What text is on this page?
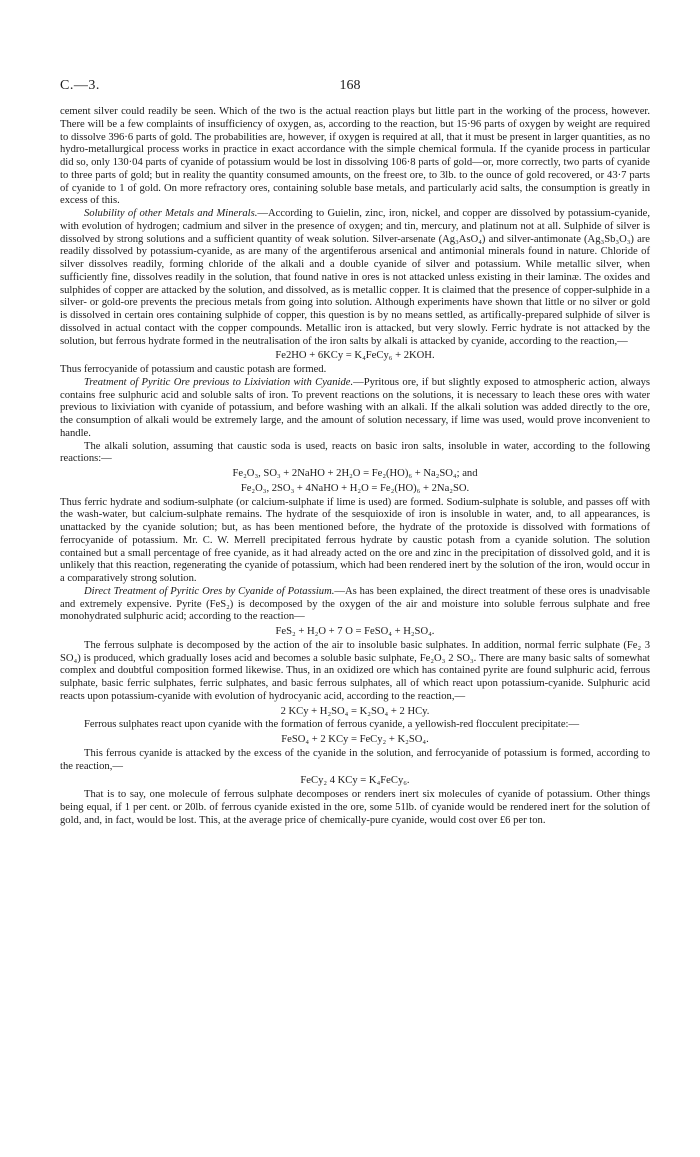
C.—3.	168

cement silver could readily be seen. Which of the two is the actual reaction plays but little part in the working of the process, however. There will be a few complaints of insufficiency of oxygen, as, according to the reaction, but 15·96 parts of oxygen by weight are required to dissolve 396·6 parts of gold. The probabilities are, however, if oxygen is required at all, that it must be present in larger quantities, as no hydro-metallurgical process works in practice in exact accordance with the simple chemical formula. If the cyanide process in particular did so, only 130·04 parts of cyanide of potassium would be lost in dissolving 106·8 parts of gold—or, more correctly, two parts of cyanide to three parts of gold; but in reality the quantity consumed amounts, on the freest ore, to 3lb. to the ounce of gold recovered, or 43·7 parts of cyanide to 1 of gold. On more refractory ores, containing soluble base metals, and particularly acid salts, the consumption is greatly in excess of this.

Solubility of other Metals and Minerals.—According to Guielin, zinc, iron, nickel, and copper are dissolved by potassium-cyanide, with evolution of hydrogen; cadmium and silver in the presence of oxygen; and tin, mercury, and platinum not at all. Sulphide of silver is dissolved by strong solutions and a sufficient quantity of weak solution. Silver-arsenate (Ag₃AsO₄) and silver-antimonate (Ag₃Sb₃O₃) are readily dissolved by potassium-cyanide, as are many of the argentiferous arsenical and antimonial minerals found in nature. Chloride of silver dissolves readily, forming chloride of the alkali and a double cyanide of silver and potassium. While metallic silver, when sufficiently fine, dissolves readily in the solution, that found native in ores is not attacked unless existing in their laminæ. The oxides and sulphides of copper are attacked by the solution, and dissolved, as is metallic copper. It is claimed that the presence of copper-sulphide in a silver- or gold-ore prevents the precious metals from going into solution. Although experiments have shown that little or no silver or gold is dissolved in certain ores containing sulphide of copper, this question is by no means settled, as artifically-prepared sulphide of silver is dissolved in actual contact with the copper compounds. Metallic iron is attacked, but very slowly. Ferric hydrate is not attacked by the solution, but ferrous hydrate formed in the neutralisation of the iron salts by alkali is attacked by cyanide, according to the reaction,—

Fe2HO + 6KCy = K₄FeCy₆ + 2KOH.

Thus ferrocyanide of potassium and caustic potash are formed.

Treatment of Pyritic Ore previous to Lixiviation with Cyanide.—Pyritous ore, if but slightly exposed to atmospheric action, always contains free sulphuric acid and soluble salts of iron. To prevent reactions on the solutions, it is necessary to leach these ores with water previous to lixiviation with cyanide of potassium, and before washing with an alkali. If the alkali solution was added directly to the ore, the consumption of alkali would be extremely large, and the amount of solution necessary, if lime was used, would prove inconvenient to handle.

The alkali solution, assuming that caustic soda is used, reacts on basic iron salts, insoluble in water, according to the following reactions:—

Fe₂O₃, SO₃ + 2NaHO + 2H₂O = Fe₂(HO)₆ + Na₂SO₄; and

Fe₂O₃, 2SO₃ + 4NaHO + H₂O = Fe₂(HO)₆ + 2Na₂SO.

Thus ferric hydrate and sodium-sulphate (or calcium-sulphate if lime is used) are formed. Sodium-sulphate is soluble, and passes off with the wash-water, but calcium-sulphate remains. The hydrate of the sesquioxide of iron is insoluble in water, and, to all appearances, is unattacked by the cyanide solution; but, as has been mentioned before, the hydrate of the protoxide is dissolved with formations of ferrocyanide of potassium. Mr. C. W. Merrell precipitated ferrous hydrate by caustic potash from a cyanide solution. The solution contained but a small percentage of free cyanide, as it had already acted on the ore and zinc in the precipitation of dissolved gold, and it is unlikely that this reaction, regenerating the cyanide of potassium, which had been rendered inert by the solution of the iron, would occur in a comparatively strong solution.

Direct Treatment of Pyritic Ores by Cyanide of Potassium.—As has been explained, the direct treatment of these ores is unadvisable and extremely expensive. Pyrite (FeS₂) is decomposed by the oxygen of the air and moisture into soluble ferrous sulphate and free monohydrated sulphuric acid; according to the reaction—

FeS₂ + H₂O + 7 O = FeSO₄ + H₂SO₄.

The ferrous sulphate is decomposed by the action of the air to insoluble basic sulphates. In addition, normal ferric sulphate (Fe₂ 3 SO₄) is produced, which gradually loses acid and becomes a soluble basic sulphate, Fe₂O₃ 2 SO₃. There are many basic salts of somewhat complex and doubtful composition formed likewise. Thus, in an oxidized ore which has contained pyrite are found sulphuric acid, ferrous sulphate, basic ferric sulphates, ferric sulphates, and basic ferrous sulphates, all of which react upon potassium-cyanide. Sulphuric acid reacts upon potassium-cyanide with evolution of hydrocyanic acid, according to the reaction,—

2 KCy + H₂SO₄ = K₂SO₄ + 2 HCy.

Ferrous sulphates react upon cyanide with the formation of ferrous cyanide, a yellowish-red flocculent precipitate:—

FeSO₄ + 2 KCy = FeCy₂ + K₂SO₄.

This ferrous cyanide is attacked by the excess of the cyanide in the solution, and ferrocyanide of potassium is formed, according to the reaction,—

FeCy₂ 4 KCy = K₄FeCy₆.

That is to say, one molecule of ferrous sulphate decomposes or renders inert six molecules of cyanide of potassium. Other things being equal, if 1 per cent. or 20lb. of ferrous cyanide existed in the ore, some 51lb. of cyanide would be rendered inert for the solution of gold, and, in fact, would be lost. This, at the average price of chemically-pure cyanide, would cost over £6 per ton.
